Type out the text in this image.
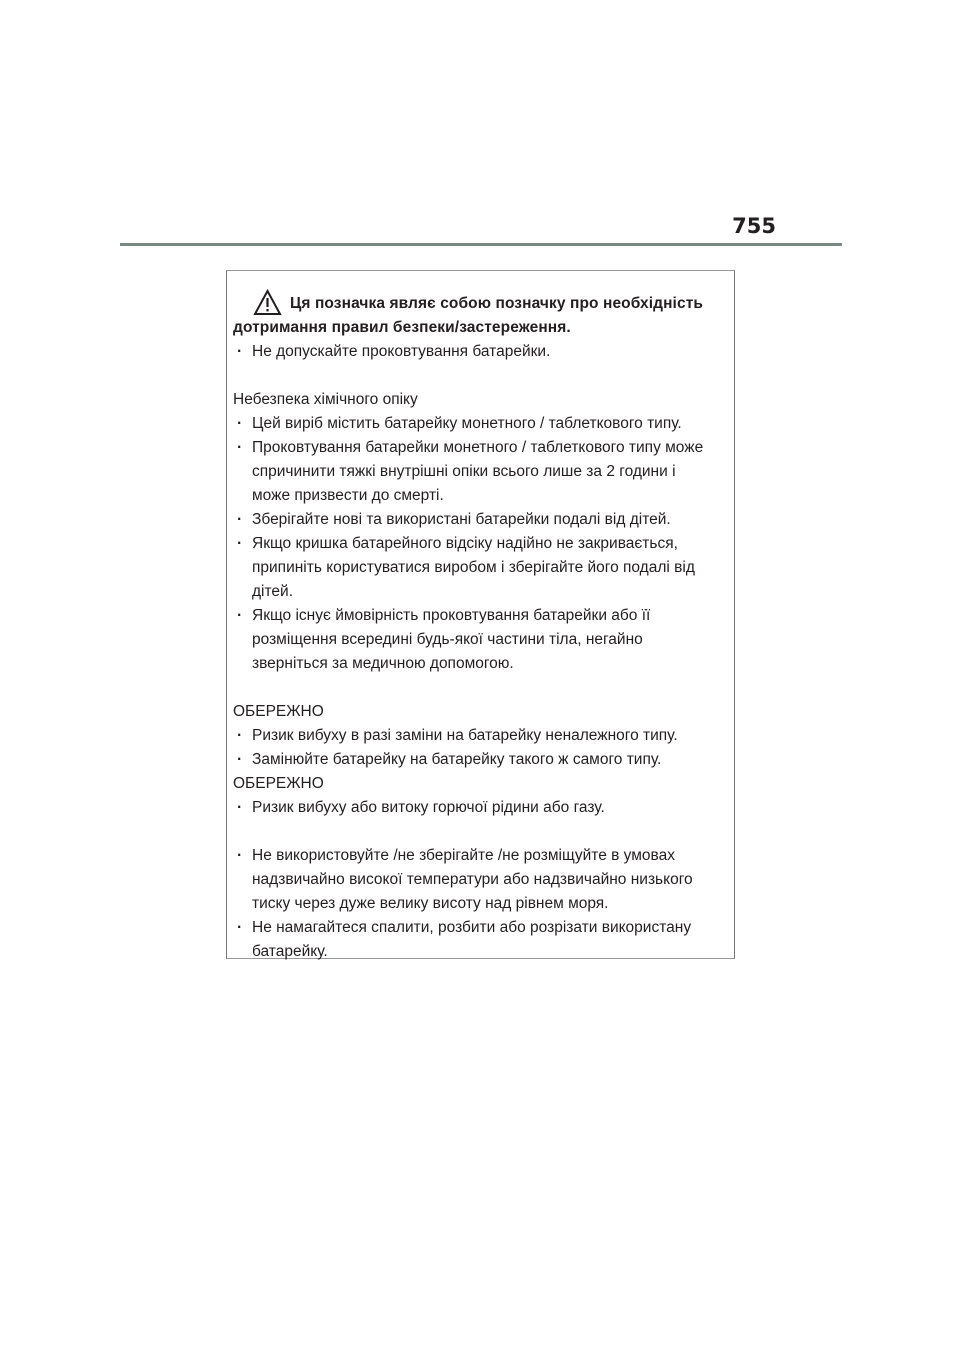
755
Ця позначка являє собою позначку про необхідність
дотримання правил безпеки/застереження.
· Не допускайте проковтування батарейки.
Небезпека хімічного опіку
· Цей виріб містить батарейку монетного / таблеткового типу.
· Проковтування батарейки монетного / таблеткового типу може
спричинити тяжкі внутрішні опіки всього лише за 2 години і
може призвести до смерті.
· Зберігайте нові та використані батарейки подалі від дітей.
· Якщо кришка батарейного відсіку надійно не закривається,
припиніть користуватися виробом і зберігайте його подалі від
дітей.
· Якщо існує ймовірність проковтування батарейки або її
розміщення всередині будь-якої частини тіла, негайно
зверніться за медичною допомогою.
ОБЕРЕЖНО
· Ризик вибуху в разі заміни на батарейку неналежного типу.
· Замінюйте батарейку на батарейку такого ж самого типу.
ОБЕРЕЖНО
· Ризик вибуху або витоку горючої рідини або газу.
· Не використовуйте /не зберігайте /не розміщуйте в умовах
надзвичайно високої температури або надзвичайно низького
тиску через дуже велику висоту над рівнем моря.
· Не намагайтеся спалити, розбити або розрізати використану
батарейку.
